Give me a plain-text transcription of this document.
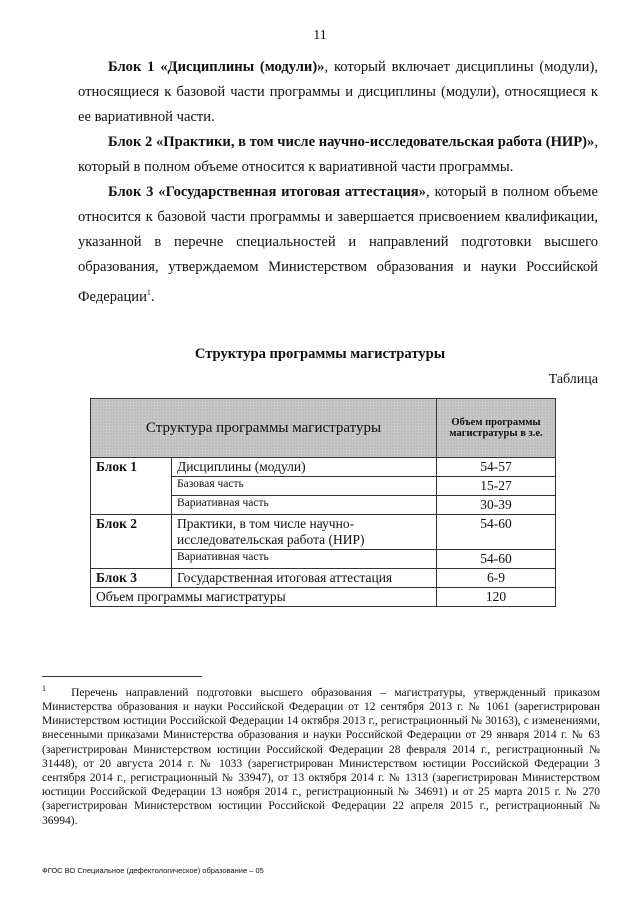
11

Блок 1 «Дисциплины (модули)», который включает дисциплины (модули), относящиеся к базовой части программы и дисциплины (модули), относящиеся к ее вариативной части.

Блок 2 «Практики, в том числе научно-исследовательская работа (НИР)», который в полном объеме относится к вариативной части программы.

Блок 3 «Государственная итоговая аттестация», который в полном объеме относится к базовой части программы и завершается присвоением квалификации, указанной в перечне специальностей и направлений подготовки высшего образования, утверждаемом Министерством образования и науки Российской Федерации$^1$.

Структура программы магистратуры
Таблица
Структура программы магистратуры		Объем программы магистратуры в з.е.
Блок 1	Дисциплины (модули)	54-57
	Базовая часть	15-27
	Вариативная часть	30-39
Блок 2	Практики, в том числе научно-исследовательская работа (НИР)	54-60
	Вариативная часть	54-60
Блок 3	Государственная итоговая аттестация	6-9
Объем программы магистратуры		120

$^1$ Перечень направлений подготовки высшего образования – магистратуры, утвержденный приказом Министерства образования и науки Российской Федерации от 12 сентября 2013 г. № 1061 (зарегистрирован Министерством юстиции Российской Федерации 14 октября 2013 г., регистрационный № 30163), с изменениями, внесенными приказами Министерства образования и науки Российской Федерации от 29 января 2014 г. № 63 (зарегистрирован Министерством юстиции Российской Федерации 28 февраля 2014 г., регистрационный № 31448), от 20 августа 2014 г. № 1033 (зарегистрирован Министерством юстиции Российской Федерации 3 сентября 2014 г., регистрационный № 33947), от 13 октября 2014 г. № 1313 (зарегистрирован Министерством юстиции Российской Федерации 13 ноября 2014 г., регистрационный № 34691) и от 25 марта 2015 г. № 270 (зарегистрирован Министерством юстиции Российской Федерации 22 апреля 2015 г., регистрационный № 36994).

ФГОС ВО Специальное (дефектологическое) образование – 05
